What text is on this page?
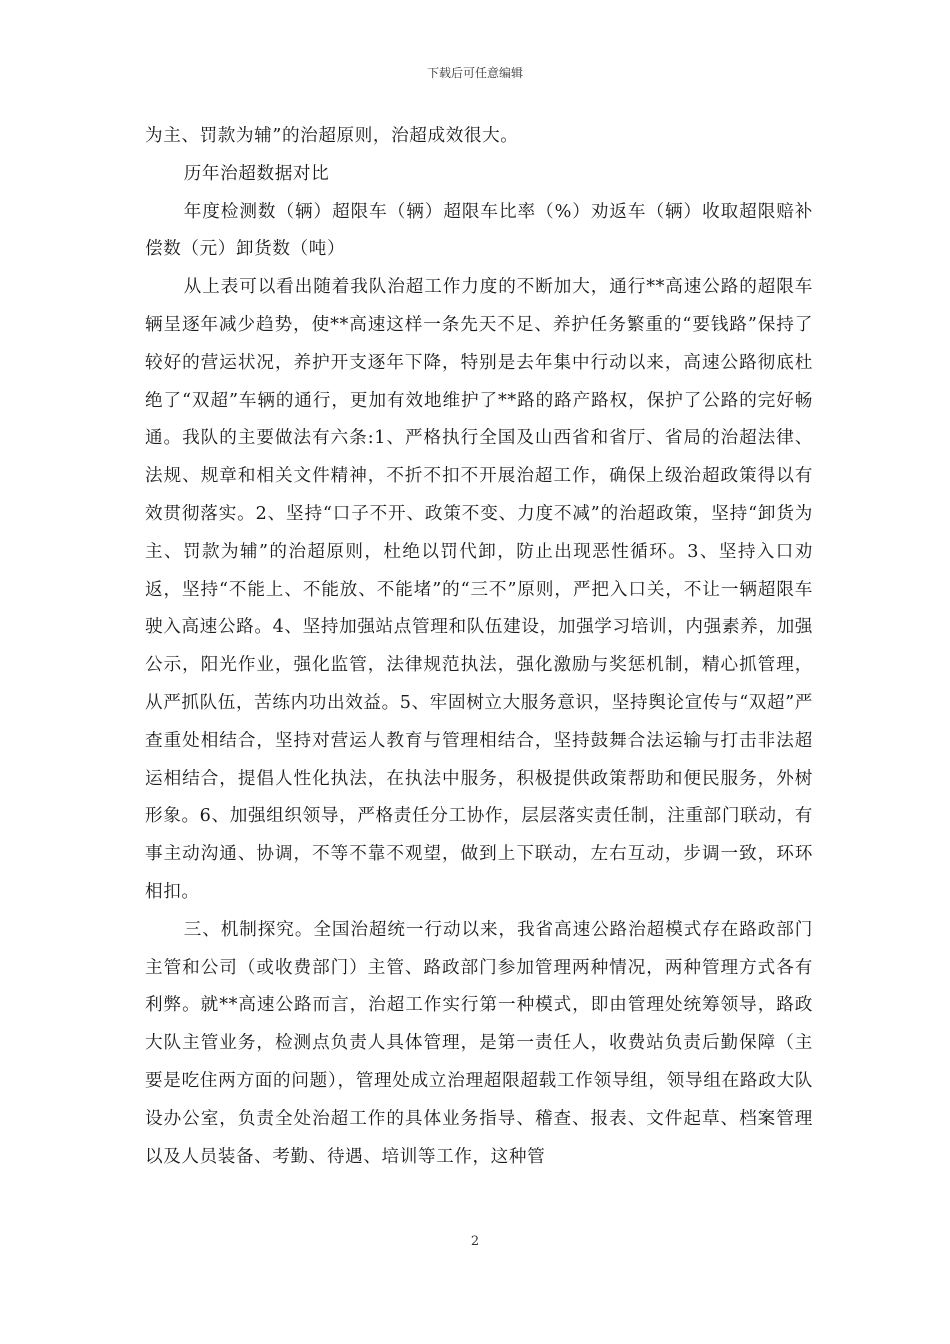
下载后可任意编辑

为主、罚款为辅”的治超原则，治超成效很大。

历年治超数据对比

年度检测数（辆）超限车（辆）超限车比率（%）劝返车（辆）收取超限赔补偿数（元）卸货数（吨）

从上表可以看出随着我队治超工作力度的不断加大，通行**高速公路的超限车辆呈逐年减少趋势，使**高速这样一条先天不足、养护任务繁重的“要钱路”保持了较好的营运状况，养护开支逐年下降，特别是去年集中行动以来，高速公路彻底杜绝了“双超”车辆的通行，更加有效地维护了**路的路产路权，保护了公路的完好畅通。我队的主要做法有六条:1、严格执行全国及山西省和省厅、省局的治超法律、法规、规章和相关文件精神，不折不扣不开展治超工作，确保上级治超政策得以有效贯彻落实。2、坚持“口子不开、政策不变、力度不减”的治超政策，坚持“卸货为主、罚款为辅”的治超原则，杜绝以罚代卸，防止出现恶性循环。3、坚持入口劝返，坚持“不能上、不能放、不能堵”的“三不”原则，严把入口关，不让一辆超限车驶入高速公路。4、坚持加强站点管理和队伍建设，加强学习培训，内强素养，加强公示，阳光作业，强化监管，法律规范执法，强化激励与奖惩机制，精心抓管理，从严抓队伍，苦练内功出效益。5、牢固树立大服务意识，坚持舆论宣传与“双超”严查重处相结合，坚持对营运人教育与管理相结合，坚持鼓舞合法运输与打击非法超运相结合，提倡人性化执法，在执法中服务，积极提供政策帮助和便民服务，外树形象。6、加强组织领导，严格责任分工协作，层层落实责任制，注重部门联动，有事主动沟通、协调，不等不靠不观望，做到上下联动，左右互动，步调一致，环环相扣。

三、机制探究。全国治超统一行动以来，我省高速公路治超模式存在路政部门主管和公司（或收费部门）主管、路政部门参加管理两种情况，两种管理方式各有利弊。就**高速公路而言，治超工作实行第一种模式，即由管理处统筹领导，路政大队主管业务，检测点负责人具体管理，是第一责任人，收费站负责后勤保障（主要是吃住两方面的问题），管理处成立治理超限超载工作领导组，领导组在路政大队设办公室，负责全处治超工作的具体业务指导、稽查、报表、文件起草、档案管理以及人员装备、考勤、待遇、培训等工作，这种管

2
